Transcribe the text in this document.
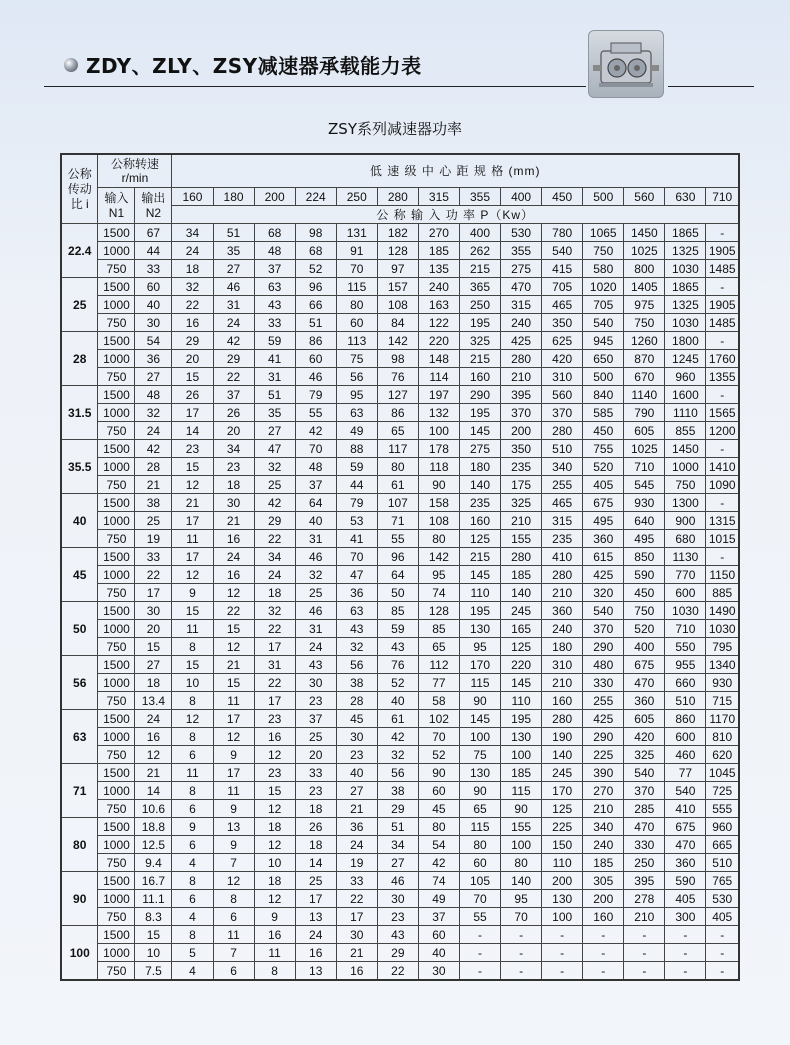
ZDY、ZLY、ZSY减速器承载能力表
ZSY系列减速器功率
公称传动比 i	公称转速 r/min		低 速 级 中 心 距 规 格 (mm)													
	输入 N1	输出 N2	160	180	200	224	250	280	315	355	400	450	500	560	630	710
			公 称 输 入 功 率 P（Kw）													
22.4	1500	67	34	51	68	98	131	182	270	400	530	780	1065	1450	1865	-
	1000	44	24	35	48	68	91	128	185	262	355	540	750	1025	1325	1905
	750	33	18	27	37	52	70	97	135	215	275	415	580	800	1030	1485
25	1500	60	32	46	63	96	115	157	240	365	470	705	1020	1405	1865	-
	1000	40	22	31	43	66	80	108	163	250	315	465	705	975	1325	1905
	750	30	16	24	33	51	60	84	122	195	240	350	540	750	1030	1485
28	1500	54	29	42	59	86	113	142	220	325	425	625	945	1260	1800	-
	1000	36	20	29	41	60	75	98	148	215	280	420	650	870	1245	1760
	750	27	15	22	31	46	56	76	114	160	210	310	500	670	960	1355
31.5	1500	48	26	37	51	79	95	127	197	290	395	560	840	1140	1600	-
	1000	32	17	26	35	55	63	86	132	195	370	370	585	790	1110	1565
	750	24	14	20	27	42	49	65	100	145	200	280	450	605	855	1200
35.5	1500	42	23	34	47	70	88	117	178	275	350	510	755	1025	1450	-
	1000	28	15	23	32	48	59	80	118	180	235	340	520	710	1000	1410
	750	21	12	18	25	37	44	61	90	140	175	255	405	545	750	1090
40	1500	38	21	30	42	64	79	107	158	235	325	465	675	930	1300	-
	1000	25	17	21	29	40	53	71	108	160	210	315	495	640	900	1315
	750	19	11	16	22	31	41	55	80	125	155	235	360	495	680	1015
45	1500	33	17	24	34	46	70	96	142	215	280	410	615	850	1130	-
	1000	22	12	16	24	32	47	64	95	145	185	280	425	590	770	1150
	750	17	9	12	18	25	36	50	74	110	140	210	320	450	600	885
50	1500	30	15	22	32	46	63	85	128	195	245	360	540	750	1030	1490
	1000	20	11	15	22	31	43	59	85	130	165	240	370	520	710	1030
	750	15	8	12	17	24	32	43	65	95	125	180	290	400	550	795
56	1500	27	15	21	31	43	56	76	112	170	220	310	480	675	955	1340
	1000	18	10	15	22	30	38	52	77	115	145	210	330	470	660	930
	750	13.4	8	11	17	23	28	40	58	90	110	160	255	360	510	715
63	1500	24	12	17	23	37	45	61	102	145	195	280	425	605	860	1170
	1000	16	8	12	16	25	30	42	70	100	130	190	290	420	600	810
	750	12	6	9	12	20	23	32	52	75	100	140	225	325	460	620
71	1500	21	11	17	23	33	40	56	90	130	185	245	390	540	77	1045
	1000	14	8	11	15	23	27	38	60	90	115	170	270	370	540	725
	750	10.6	6	9	12	18	21	29	45	65	90	125	210	285	410	555
80	1500	18.8	9	13	18	26	36	51	80	115	155	225	340	470	675	960
	1000	12.5	6	9	12	18	24	34	54	80	100	150	240	330	470	665
	750	9.4	4	7	10	14	19	27	42	60	80	110	185	250	360	510
90	1500	16.7	8	12	18	25	33	46	74	105	140	200	305	395	590	765
	1000	11.1	6	8	12	17	22	30	49	70	95	130	200	278	405	530
	750	8.3	4	6	9	13	17	23	37	55	70	100	160	210	300	405
100	1500	15	8	11	16	24	30	43	60	-	-	-	-	-	-	-
	1000	10	5	7	11	16	21	29	40	-	-	-	-	-	-	-
	750	7.5	4	6	8	13	16	22	30	-	-	-	-	-	-	-
